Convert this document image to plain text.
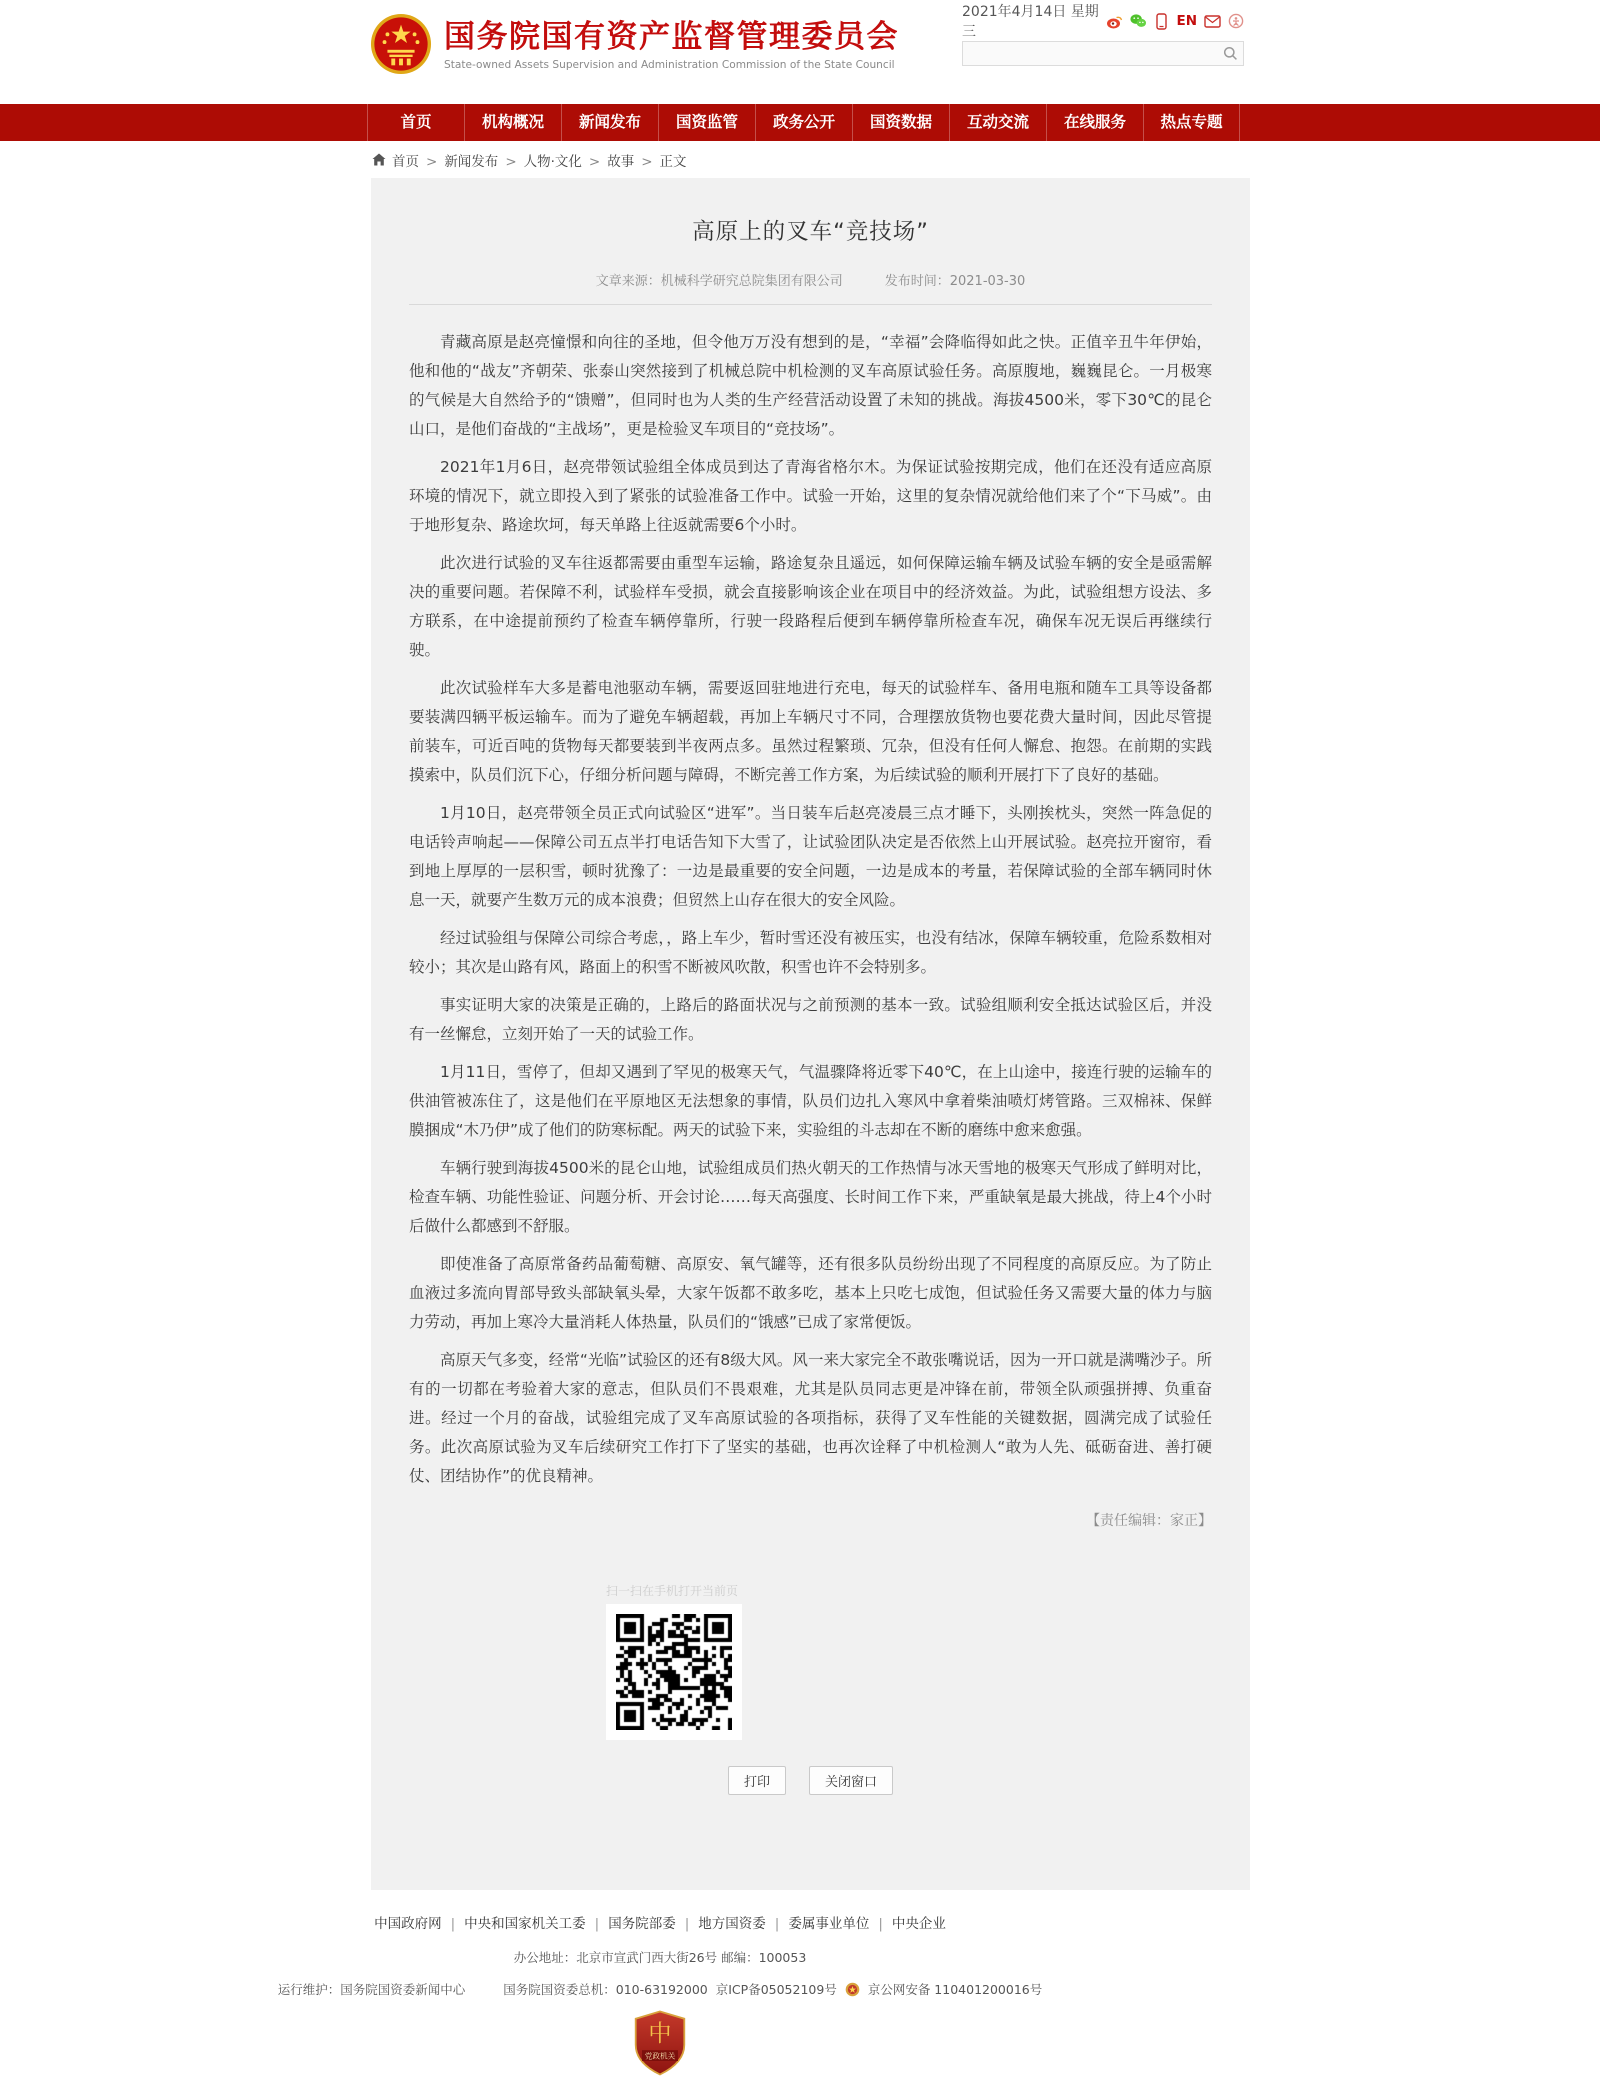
国务院国有资产监督管理委员会
State-owned Assets Supervision and Administration Commission of the State Council
2021年4月14日 星期三
EN
首页	机构概况	新闻发布	国资监管	政务公开	国资数据	互动交流	在线服务	热点专题
首页 > 新闻发布 > 人物·文化 > 故事 > 正文
高原上的叉车“竞技场”
文章来源：机械科学研究总院集团有限公司	发布时间：2021-03-30

青藏高原是赵亮憧憬和向往的圣地，但令他万万没有想到的是，“幸福”会降临得如此之快。正值辛丑牛年伊始，他和他的“战友”齐朝荣、张泰山突然接到了机械总院中机检测的叉车高原试验任务。高原腹地，巍巍昆仑。一月极寒的气候是大自然给予的“馈赠”，但同时也为人类的生产经营活动设置了未知的挑战。海拔4500米，零下30℃的昆仑山口，是他们奋战的“主战场”，更是检验叉车项目的“竞技场”。

2021年1月6日，赵亮带领试验组全体成员到达了青海省格尔木。为保证试验按期完成，他们在还没有适应高原环境的情况下，就立即投入到了紧张的试验准备工作中。试验一开始，这里的复杂情况就给他们来了个“下马威”。由于地形复杂、路途坎坷，每天单路上往返就需要6个小时。

此次进行试验的叉车往返都需要由重型车运输，路途复杂且遥远，如何保障运输车辆及试验车辆的安全是亟需解决的重要问题。若保障不利，试验样车受损，就会直接影响该企业在项目中的经济效益。为此，试验组想方设法、多方联系，在中途提前预约了检查车辆停靠所，行驶一段路程后便到车辆停靠所检查车况，确保车况无误后再继续行驶。

此次试验样车大多是蓄电池驱动车辆，需要返回驻地进行充电，每天的试验样车、备用电瓶和随车工具等设备都要装满四辆平板运输车。而为了避免车辆超载，再加上车辆尺寸不同，合理摆放货物也要花费大量时间，因此尽管提前装车，可近百吨的货物每天都要装到半夜两点多。虽然过程繁琐、冗杂，但没有任何人懈怠、抱怨。在前期的实践摸索中，队员们沉下心，仔细分析问题与障碍，不断完善工作方案，为后续试验的顺利开展打下了良好的基础。

1月10日，赵亮带领全员正式向试验区“进军”。当日装车后赵亮凌晨三点才睡下，头刚挨枕头，突然一阵急促的电话铃声响起——保障公司五点半打电话告知下大雪了，让试验团队决定是否依然上山开展试验。赵亮拉开窗帘，看到地上厚厚的一层积雪，顿时犹豫了：一边是最重要的安全问题，一边是成本的考量，若保障试验的全部车辆同时休息一天，就要产生数万元的成本浪费；但贸然上山存在很大的安全风险。

经过试验组与保障公司综合考虑，，路上车少，暂时雪还没有被压实，也没有结冰，保障车辆较重，危险系数相对较小；其次是山路有风，路面上的积雪不断被风吹散，积雪也许不会特别多。

事实证明大家的决策是正确的，上路后的路面状况与之前预测的基本一致。试验组顺利安全抵达试验区后，并没有一丝懈怠，立刻开始了一天的试验工作。

1月11日，雪停了，但却又遇到了罕见的极寒天气，气温骤降将近零下40℃，在上山途中，接连行驶的运输车的供油管被冻住了，这是他们在平原地区无法想象的事情，队员们边扎入寒风中拿着柴油喷灯烤管路。三双棉袜、保鲜膜捆成“木乃伊”成了他们的防寒标配。两天的试验下来，实验组的斗志却在不断的磨练中愈来愈强。

车辆行驶到海拔4500米的昆仑山地，试验组成员们热火朝天的工作热情与冰天雪地的极寒天气形成了鲜明对比，检查车辆、功能性验证、问题分析、开会讨论……每天高强度、长时间工作下来，严重缺氧是最大挑战，待上4个小时后做什么都感到不舒服。

即使准备了高原常备药品葡萄糖、高原安、氧气罐等，还有很多队员纷纷出现了不同程度的高原反应。为了防止血液过多流向胃部导致头部缺氧头晕，大家午饭都不敢多吃，基本上只吃七成饱，但试验任务又需要大量的体力与脑力劳动，再加上寒冷大量消耗人体热量，队员们的“饿感”已成了家常便饭。

高原天气多变，经常“光临”试验区的还有8级大风。风一来大家完全不敢张嘴说话，因为一开口就是满嘴沙子。所有的一切都在考验着大家的意志，但队员们不畏艰难，尤其是队员同志更是冲锋在前，带领全队顽强拼搏、负重奋进。经过一个月的奋战，试验组完成了叉车高原试验的各项指标，获得了叉车性能的关键数据，圆满完成了试验任务。此次高原试验为叉车后续研究工作打下了坚实的基础，也再次诠释了中机检测人“敢为人先、砥砺奋进、善打硬仗、团结协作”的优良精神。

【责任编辑：家正】
扫一扫在手机打开当前页
打印	关闭窗口
中国政府网 | 中央和国家机关工委 | 国务院部委 | 地方国资委 | 委属事业单位 | 中央企业
办公地址：北京市宣武门西大街26号 邮编：100053
运行维护：国务院国资委新闻中心	国务院国资委总机：010-63192000 京ICP备05052109号 京公网安备 110401200016号
中
党政机关
